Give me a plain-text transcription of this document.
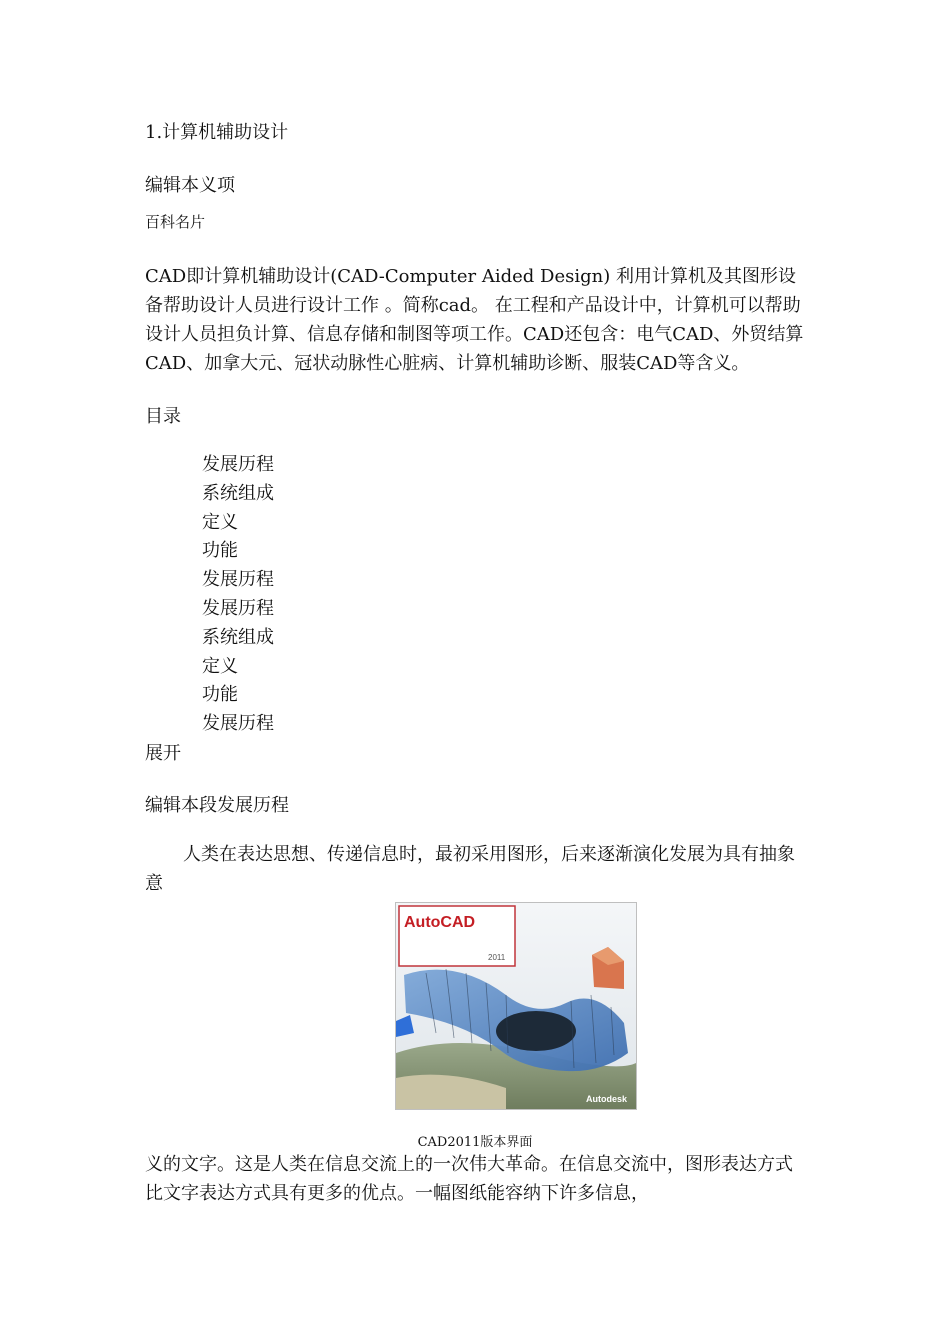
1.计算机辅助设计
编辑本义项
百科名片
CAD即计算机辅助设计(CAD-Computer Aided Design) 利用计算机及其图形设备帮助设计人员进行设计工作 。简称cad。 在工程和产品设计中，计算机可以帮助设计人员担负计算、信息存储和制图等项工作。CAD还包含：电气CAD、外贸结算CAD、加拿大元、冠状动脉性心脏病、计算机辅助诊断、服装CAD等含义。
目录
发展历程
系统组成
定义
功能
发展历程
发展历程
系统组成
定义
功能
发展历程
展开
编辑本段发展历程
人类在表达思想、传递信息时，最初采用图形，后来逐渐演化发展为具有抽象意
AutoCAD
2011
Autodesk
CAD2011版本界面
义的文字。这是人类在信息交流上的一次伟大革命。在信息交流中，图形表达方式比文字表达方式具有更多的优点。一幅图纸能容纳下许多信息，
